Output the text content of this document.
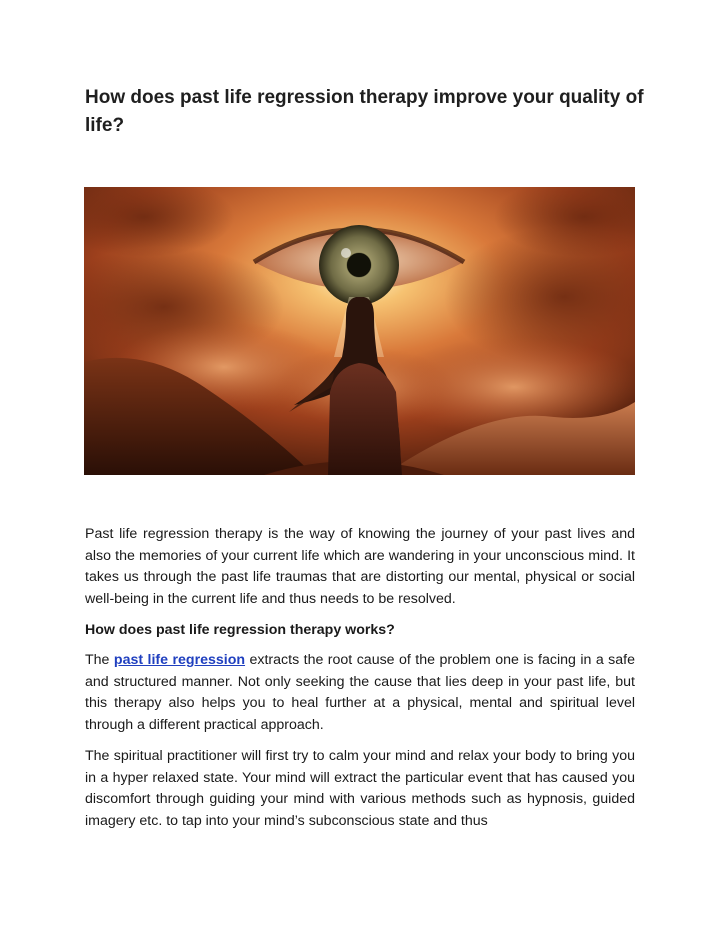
How does past life regression therapy improve your quality of life?

Past life regression therapy is the way of knowing the journey of your past lives and also the memories of your current life which are wandering in your unconscious mind. It takes us through the past life traumas that are distorting our mental, physical or social well-being in the current life and thus needs to be resolved.

How does past life regression therapy works?

The past life regression extracts the root cause of the problem one is facing in a safe and structured manner. Not only seeking the cause that lies deep in your past life, but this therapy also helps you to heal further at a physical, mental and spiritual level through a different practical approach.

The spiritual practitioner will first try to calm your mind and relax your body to bring you in a hyper relaxed state. Your mind will extract the particular event that has caused you discomfort through guiding your mind with various methods such as hypnosis, guided imagery etc. to tap into your mind’s subconscious state and thus
